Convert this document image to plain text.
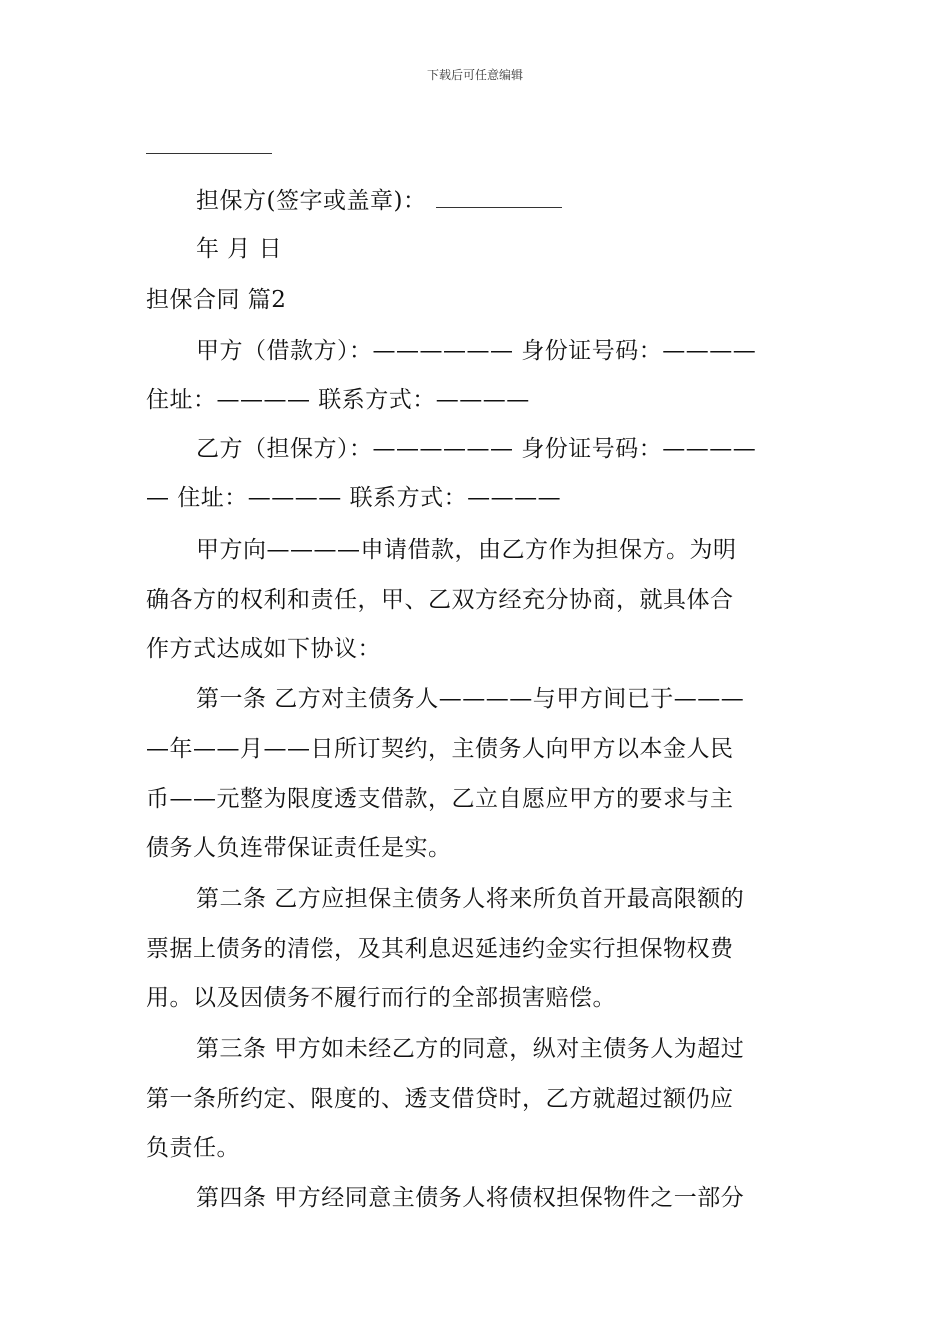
下载后可任意编辑
担保方(签字或盖章)：
年 月 日
担保合同 篇2
甲方（借款方）：—————— 身份证号码：————
住址：———— 联系方式：————
乙方（担保方）：—————— 身份证号码：————
— 住址：———— 联系方式：————
甲方向————申请借款，由乙方作为担保方。为明
确各方的权利和责任，甲、乙双方经充分协商，就具体合
作方式达成如下协议：
第一条 乙方对主债务人————与甲方间已于———
—年——月——日所订契约，主债务人向甲方以本金人民
币——元整为限度透支借款，乙立自愿应甲方的要求与主
债务人负连带保证责任是实。
第二条 乙方应担保主债务人将来所负首开最高限额的
票据上债务的清偿，及其利息迟延违约金实行担保物权费
用。以及因债务不履行而行的全部损害赔偿。
第三条 甲方如未经乙方的同意，纵对主债务人为超过
第一条所约定、限度的、透支借贷时，乙方就超过额仍应
负责任。
第四条 甲方经同意主债务人将债权担保物件之一部分
